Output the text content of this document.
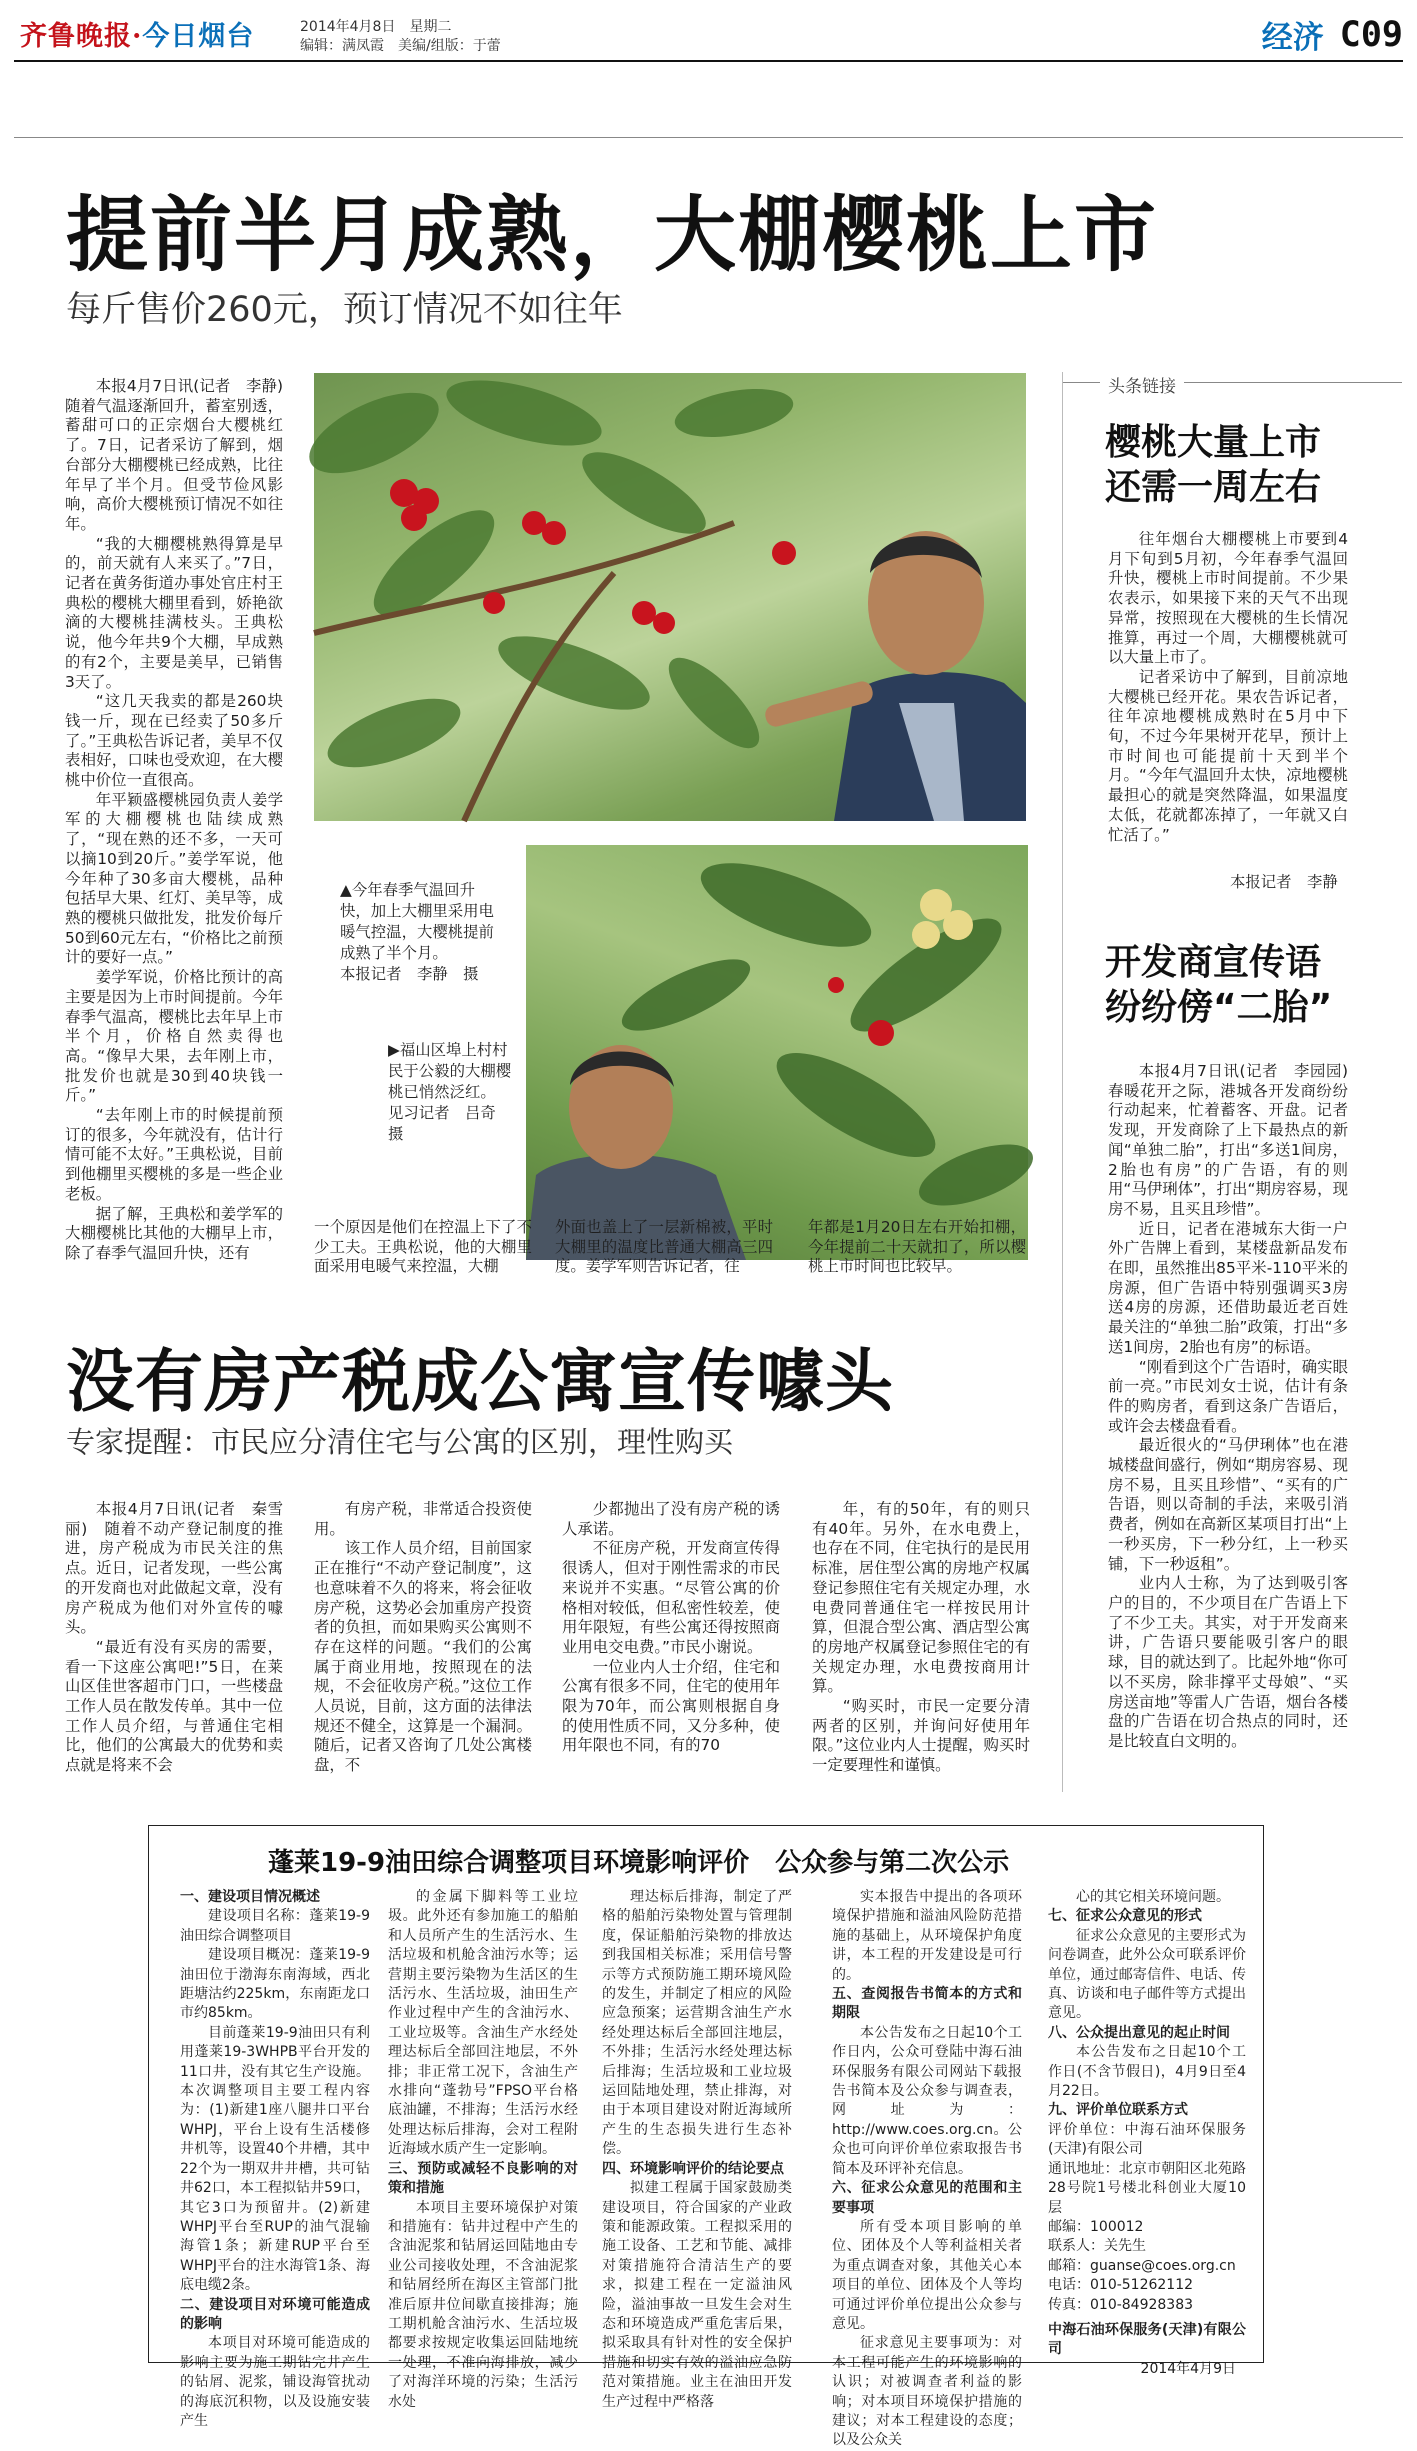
齐鲁晚报·今日烟台	2014年4月8日　星期二
编辑：满凤霞　美编/组版：于蕾	经济 C09
提前半月成熟，大棚樱桃上市
每斤售价260元，预订情况不如往年

本报4月7日讯(记者　李静)　随着气温逐渐回升，蓄室别透，蓄甜可口的正宗烟台大樱桃红了。7日，记者采访了解到，烟台部分大棚樱桃已经成熟，比往年早了半个月。但受节俭风影响，高价大樱桃预订情况不如往年。

“我的大棚樱桃熟得算是早的，前天就有人来买了。”7日，记者在黄务街道办事处官庄村王典松的樱桃大棚里看到，娇艳欲滴的大樱桃挂满枝头。王典松说，他今年共9个大棚，早成熟的有2个，主要是美早，已销售3天了。

“这几天我卖的都是260块钱一斤，现在已经卖了50多斤了。”王典松告诉记者，美早不仅表相好，口味也受欢迎，在大樱桃中价位一直很高。

年平颖盛樱桃园负责人姜学军的大棚樱桃也陆续成熟了，“现在熟的还不多，一天可以摘10到20斤。”姜学军说，他今年种了30多亩大樱桃，品种包括早大果、红灯、美早等，成熟的樱桃只做批发，批发价每斤50到60元左右，“价格比之前预计的要好一点。”

姜学军说，价格比预计的高主要是因为上市时间提前。今年春季气温高，樱桃比去年早上市半个月，价格自然卖得也高。“像早大果，去年刚上市，批发价也就是30到40块钱一斤。”

“去年刚上市的时候提前预订的很多，今年就没有，估计行情可能不太好。”王典松说，目前到他棚里买樱桃的多是一些企业老板。

据了解，王典松和姜学军的大棚樱桃比其他的大棚早上市，除了春季气温回升快，还有

▲今年春季气温回升快，加上大棚里采用电暖气控温，大樱桃提前成熟了半个月。
本报记者　李静　摄
▶福山区埠上村村民于公毅的大棚樱桃已悄然泛红。　见习记者　吕奇　摄
一个原因是他们在控温上下了不少工夫。王典松说，他的大棚里面采用电暖气来控温，大棚
外面也盖上了一层新棉被，平时大棚里的温度比普通大棚高三四度。姜学军则告诉记者，往
年都是1月20日左右开始扣棚，今年提前二十天就扣了，所以樱桃上市时间也比较早。
头条链接
樱桃大量上市
还需一周左右

往年烟台大棚樱桃上市要到4月下旬到5月初，今年春季气温回升快，樱桃上市时间提前。不少果农表示，如果接下来的天气不出现异常，按照现在大樱桃的生长情况推算，再过一个周，大棚樱桃就可以大量上市了。

记者采访中了解到，目前凉地大樱桃已经开花。果农告诉记者，往年凉地樱桃成熟时在5月中下旬，不过今年果树开花早，预计上市时间也可能提前十天到半个月。“今年气温回升太快，凉地樱桃最担心的就是突然降温，如果温度太低，花就都冻掉了，一年就又白忙活了。”

本报记者　李静
开发商宣传语
纷纷傍“二胎”

本报4月7日讯(记者　李园园)　春暖花开之际，港城各开发商纷纷行动起来，忙着蓄客、开盘。记者发现，开发商除了上下最热点的新闻“单独二胎”，打出“多送1间房，2胎也有房”的广告语，有的则用“马伊琍体”，打出“期房容易，现房不易，且买且珍惜”。

近日，记者在港城东大街一户外广告牌上看到，某楼盘新品发布在即，虽然推出85平米-110平米的房源，但广告语中特别强调买3房送4房的房源，还借助最近老百姓最关注的“单独二胎”政策，打出“多送1间房，2胎也有房”的标语。

“刚看到这个广告语时，确实眼前一亮。”市民刘女士说，估计有条件的购房者，看到这条广告语后，或许会去楼盘看看。

最近很火的“马伊琍体”也在港城楼盘间盛行，例如“期房容易、现房不易，且买且珍惜”、“买有的广告语，则以奇制的手法，来吸引消费者，例如在高新区某项目打出“上一秒买房，下一秒分红，上一秒买铺，下一秒返租”。

业内人士称，为了达到吸引客户的目的，不少项目在广告语上下了不少工夫。其实，对于开发商来讲，广告语只要能吸引客户的眼球，目的就达到了。比起外地“你可以不买房，除非撑平丈母娘”、“买房送亩地”等雷人广告语，烟台各楼盘的广告语在切合热点的同时，还是比较直白文明的。

没有房产税成公寓宣传噱头
专家提醒：市民应分清住宅与公寓的区别，理性购买

本报4月7日讯(记者　秦雪丽)　随着不动产登记制度的推进，房产税成为市民关注的焦点。近日，记者发现，一些公寓的开发商也对此做起文章，没有房产税成为他们对外宣传的噱头。

“最近有没有买房的需要，看一下这座公寓吧!”5日，在莱山区佳世客超市门口，一些楼盘工作人员在散发传单。其中一位工作人员介绍，与普通住宅相比，他们的公寓最大的优势和卖点就是将来不会

有房产税，非常适合投资使用。

该工作人员介绍，目前国家正在推行“不动产登记制度”，这也意味着不久的将来，将会征收房产税，这势必会加重房产投资者的负担，而如果购买公寓则不存在这样的问题。“我们的公寓属于商业用地，按照现在的法规，不会征收房产税。”这位工作人员说，目前，这方面的法律法规还不健全，这算是一个漏洞。随后，记者又咨询了几处公寓楼盘，不

少都抛出了没有房产税的诱人承诺。

不征房产税，开发商宣传得很诱人，但对于刚性需求的市民来说并不实惠。“尽管公寓的价格相对较低，但私密性较差，使用年限短，有些公寓还得按照商业用电交电费。”市民小谢说。

一位业内人士介绍，住宅和公寓有很多不同，住宅的使用年限为70年，而公寓则根据自身的使用性质不同，又分多种，使用年限也不同，有的70

年，有的50年，有的则只有40年。另外，在水电费上，也存在不同，住宅执行的是民用标准，居住型公寓的房地产权属登记参照住宅有关规定办理，水电费同普通住宅一样按民用计算，但混合型公寓、酒店型公寓的房地产权属登记参照住宅的有关规定办理，水电费按商用计算。

“购买时，市民一定要分清两者的区别，并询问好使用年限。”这位业内人士提醒，购买时一定要理性和谨慎。

蓬莱19-9油田综合调整项目环境影响评价　公众参与第二次公示

一、建设项目情况概述

建设项目名称：蓬莱19-9油田综合调整项目

建设项目概况：蓬莱19-9油田位于渤海东南海域，西北距塘沽约225km，东南距龙口市约85km。

目前蓬莱19-9油田只有利用蓬莱19-3WHPB平台开发的11口井，没有其它生产设施。本次调整项目主要工程内容为：(1)新建1座八腿井口平台WHPJ，平台上设有生活楼修井机等，设置40个井槽，其中22个为一期双井井槽，共可钻井62口，本工程拟钻井59口，其它3口为预留井。(2)新建WHPJ平台至RUP的油气混输海管1条；新建RUP平台至WHPJ平台的注水海管1条、海底电缆2条。

二、建设项目对环境可能造成的影响

本项目对环境可能造成的影响主要为施工期钻完井产生的钻屑、泥浆，铺设海管扰动的海底沉积物，以及设施安装产生

的金属下脚料等工业垃圾。此外还有参加施工的船舶和人员所产生的生活污水、生活垃圾和机舱含油污水等；运营期主要污染物为生活区的生活污水、生活垃圾，油田生产作业过程中产生的含油污水、工业垃圾等。含油生产水经处理达标后全部回注地层，不外排；非正常工况下，含油生产水排向“蓬勃号”FPSO平台格底油罐，不排海；生活污水经处理达标后排海，会对工程附近海域水质产生一定影响。

三、预防或减轻不良影响的对策和措施

本项目主要环境保护对策和措施有：钻井过程中产生的含油泥浆和钻屑运回陆地由专业公司接收处理，不含油泥浆和钻屑经所在海区主管部门批准后原井位间歇直接排海；施工期机舱含油污水、生活垃圾都要求按规定收集运回陆地统一处理，不准向海排放，减少了对海洋环境的污染；生活污水处

理达标后排海，制定了严格的船舶污染物处置与管理制度，保证船舶污染物的排放达到我国相关标准；采用信号警示等方式预防施工期环境风险的发生，并制定了相应的风险应急预案；运营期含油生产水经处理达标后全部回注地层，不外排；生活污水经处理达标后排海；生活垃圾和工业垃圾运回陆地处理，禁止排海，对由于本项目建设对附近海域所产生的生态损失进行生态补偿。

四、环境影响评价的结论要点

拟建工程属于国家鼓励类建设项目，符合国家的产业政策和能源政策。工程拟采用的施工设备、工艺和节能、减排对策措施符合清洁生产的要求，拟建工程在一定溢油风险，溢油事故一旦发生会对生态和环境造成严重危害后果，拟采取具有针对性的安全保护措施和切实有效的溢油应急防范对策措施。业主在油田开发生产过程中严格落

实本报告中提出的各项环境保护措施和溢油风险防范措施的基础上，从环境保护角度讲，本工程的开发建设是可行的。

五、查阅报告书简本的方式和期限

本公告发布之日起10个工作日内，公众可登陆中海石油环保服务有限公司网站下载报告书简本及公众参与调查表，网址为：http://www.coes.org.cn。公众也可向评价单位索取报告书简本及环评补充信息。

六、征求公众意见的范围和主要事项

所有受本项目影响的单位、团体及个人等利益相关者为重点调查对象，其他关心本项目的单位、团体及个人等均可通过评价单位提出公众参与意见。

征求意见主要事项为：对本工程可能产生的环境影响的认识；对被调查者利益的影响；对本项目环境保护措施的建议；对本工程建设的态度；以及公众关

心的其它相关环境问题。

七、征求公众意见的形式

征求公众意见的主要形式为问卷调查，此外公众可联系评价单位，通过邮寄信件、电话、传真、访谈和电子邮件等方式提出意见。

八、公众提出意见的起止时间

本公告发布之日起10个工作日(不含节假日)，4月9日至4月22日。

九、评价单位联系方式

评价单位：中海石油环保服务(天津)有限公司

通讯地址：北京市朝阳区北苑路28号院1号楼北科创业大厦10层

邮编：100012

联系人：关先生

邮箱：guanse@coes.org.cn

电话：010-51262112

传真：010-84928383

中海石油环保服务(天津)有限公司

2014年4月9日
